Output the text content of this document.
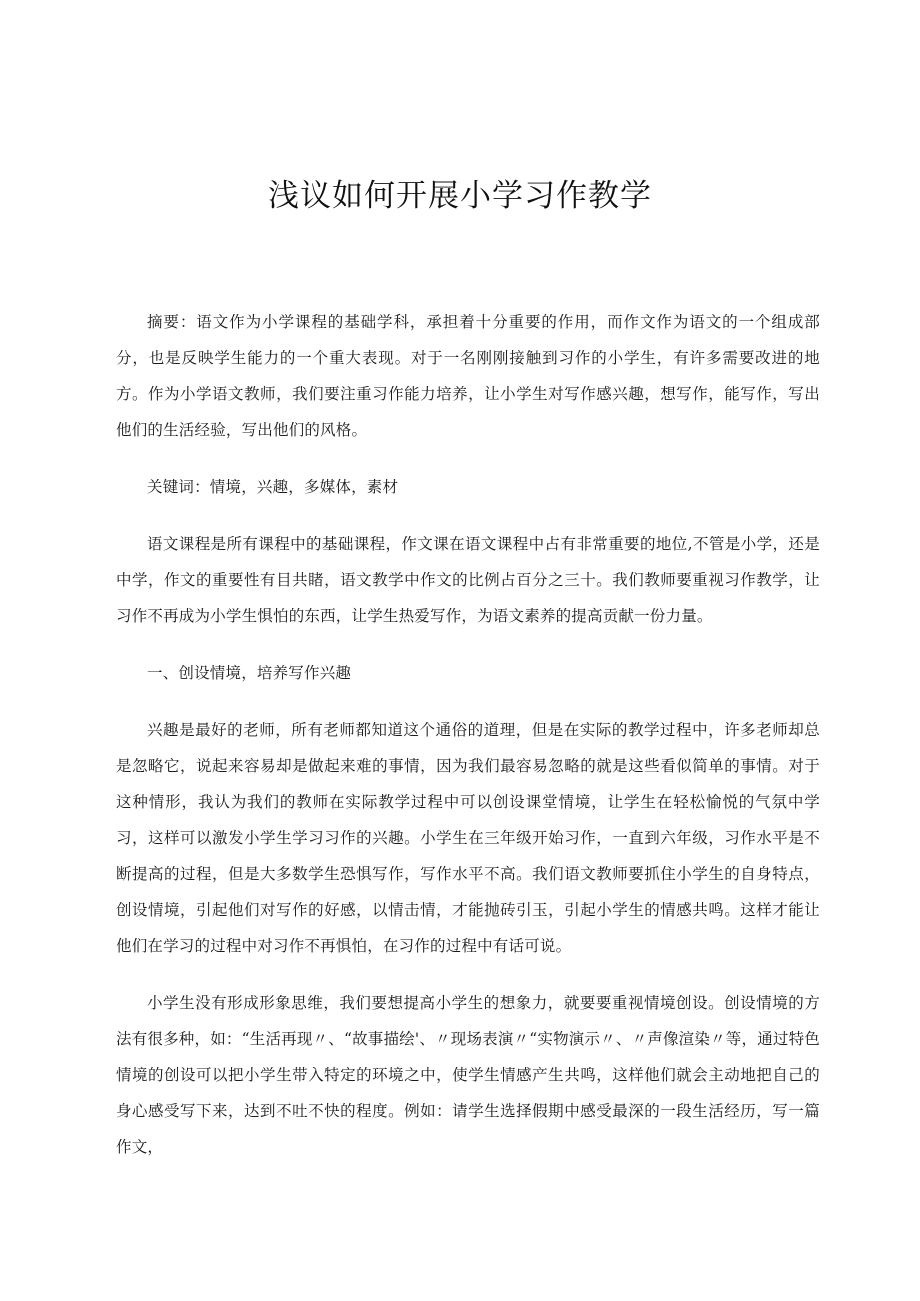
浅议如何开展小学习作教学

摘要：语文作为小学课程的基础学科，承担着十分重要的作用，而作文作为语文的一个组成部分，也是反映学生能力的一个重大表现。对于一名刚刚接触到习作的小学生，有许多需要改进的地方。作为小学语文教师，我们要注重习作能力培养，让小学生对写作感兴趣，想写作，能写作，写出他们的生活经验，写出他们的风格。

关键词：情境，兴趣，多媒体，素材

语文课程是所有课程中的基础课程，作文课在语文课程中占有非常重要的地位,不管是小学，还是中学，作文的重要性有目共睹，语文教学中作文的比例占百分之三十。我们教师要重视习作教学，让习作不再成为小学生惧怕的东西，让学生热爱写作，为语文素养的提高贡献一份力量。

一、创设情境，培养写作兴趣

兴趣是最好的老师，所有老师都知道这个通俗的道理，但是在实际的教学过程中，许多老师却总是忽略它，说起来容易却是做起来难的事情，因为我们最容易忽略的就是这些看似简单的事情。对于这种情形，我认为我们的教师在实际教学过程中可以创设课堂情境，让学生在轻松愉悦的气氛中学习，这样可以激发小学生学习习作的兴趣。小学生在三年级开始习作，一直到六年级，习作水平是不断提高的过程，但是大多数学生恐惧写作，写作水平不高。我们语文教师要抓住小学生的自身特点，创设情境，引起他们对写作的好感，以情击情，才能抛砖引玉，引起小学生的情感共鸣。这样才能让他们在学习的过程中对习作不再惧怕，在习作的过程中有话可说。

小学生没有形成形象思维，我们要想提高小学生的想象力，就要要重视情境创设。创设情境的方法有很多种，如：“生活再现〃、“故事描绘'、〃现场表演〃“实物演示〃、〃声像渲染〃等，通过特色情境的创设可以把小学生带入特定的环境之中，使学生情感产生共鸣，这样他们就会主动地把自己的身心感受写下来，达到不吐不快的程度。例如：请学生选择假期中感受最深的一段生活经历，写一篇作文，
